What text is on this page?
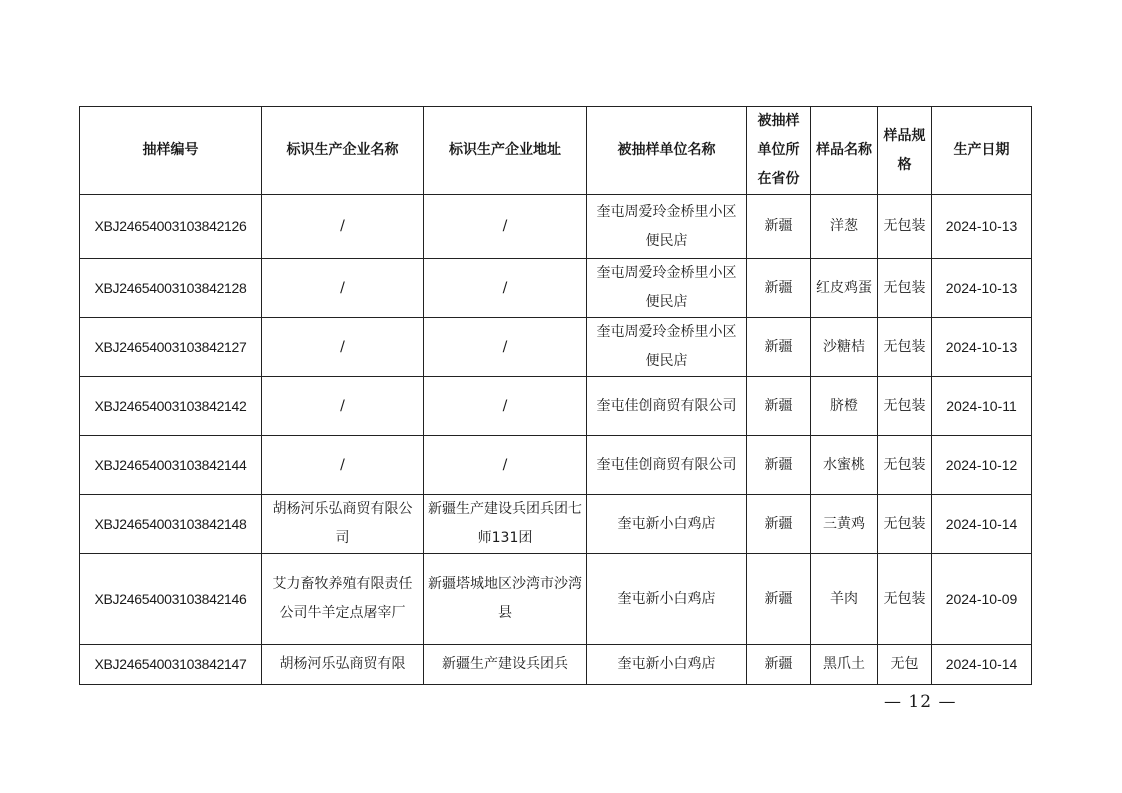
抽样编号	标识生产企业名称	标识生产企业地址	被抽样单位名称	被抽样单位所在省份	样品名称	样品规格	生产日期
XBJ24654003103842126	/	/	奎屯周爱玲金桥里小区便民店	新疆	洋葱	无包装	2024-10-13
XBJ24654003103842128	/	/	奎屯周爱玲金桥里小区便民店	新疆	红皮鸡蛋	无包装	2024-10-13
XBJ24654003103842127	/	/	奎屯周爱玲金桥里小区便民店	新疆	沙糖桔	无包装	2024-10-13
XBJ24654003103842142	/	/	奎屯佳创商贸有限公司	新疆	脐橙	无包装	2024-10-11
XBJ24654003103842144	/	/	奎屯佳创商贸有限公司	新疆	水蜜桃	无包装	2024-10-12
XBJ24654003103842148	胡杨河乐弘商贸有限公司	新疆生产建设兵团兵团七师131团	奎屯新小白鸡店	新疆	三黄鸡	无包装	2024-10-14
XBJ24654003103842146	艾力畜牧养殖有限责任公司牛羊定点屠宰厂	新疆塔城地区沙湾市沙湾县	奎屯新小白鸡店	新疆	羊肉	无包装	2024-10-09
XBJ24654003103842147	胡杨河乐弘商贸有限	新疆生产建设兵团兵	奎屯新小白鸡店	新疆	黑爪土	无包	2024-10-14
— 12 —
